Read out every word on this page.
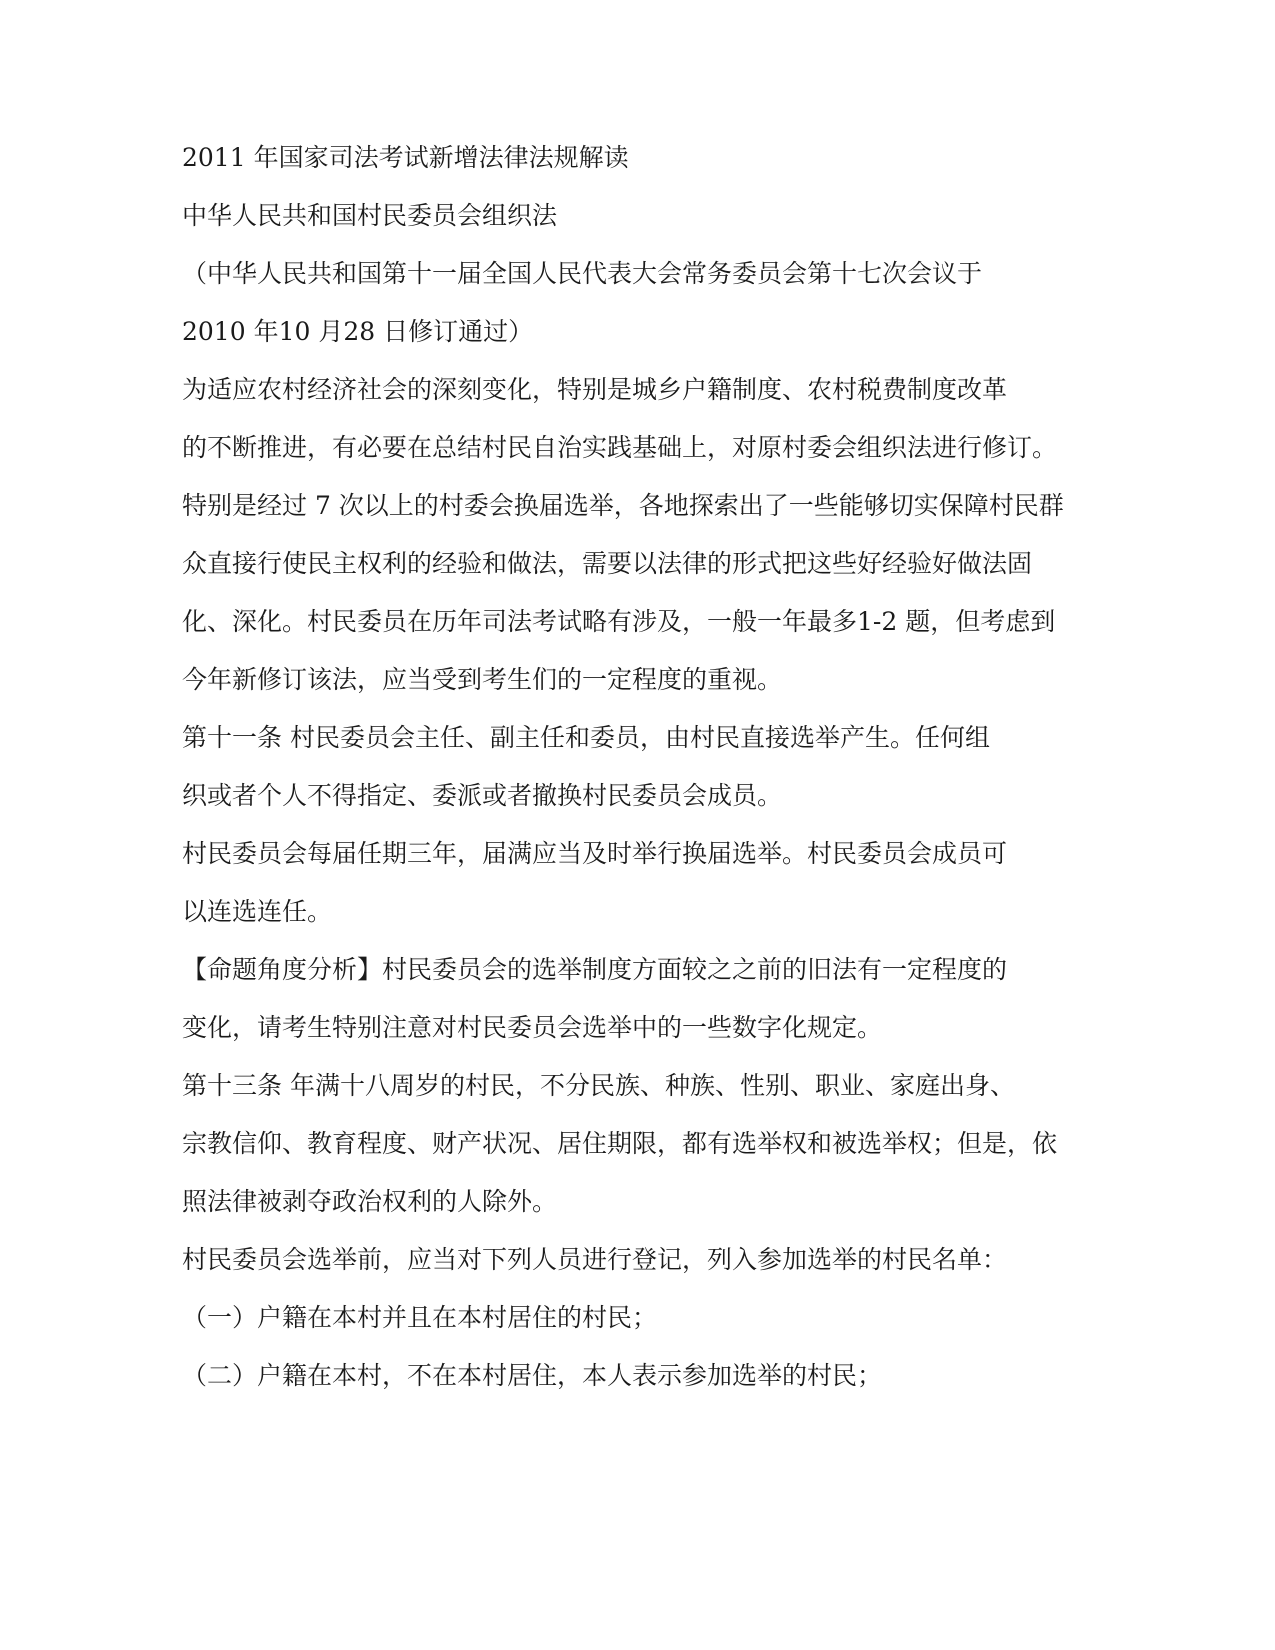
2011 年国家司法考试新增法律法规解读

中华人民共和国村民委员会组织法

（中华人民共和国第十一届全国人民代表大会常务委员会第十七次会议于

2010 年10 月28 日修订通过）

为适应农村经济社会的深刻变化，特别是城乡户籍制度、农村税费制度改革

的不断推进，有必要在总结村民自治实践基础上，对原村委会组织法进行修订。

特别是经过 7 次以上的村委会换届选举，各地探索出了一些能够切实保障村民群

众直接行使民主权利的经验和做法，需要以法律的形式把这些好经验好做法固

化、深化。村民委员在历年司法考试略有涉及，一般一年最多1-2 题，但考虑到

今年新修订该法，应当受到考生们的一定程度的重视。

第十一条 村民委员会主任、副主任和委员，由村民直接选举产生。任何组

织或者个人不得指定、委派或者撤换村民委员会成员。

村民委员会每届任期三年，届满应当及时举行换届选举。村民委员会成员可

以连选连任。

【命题角度分析】村民委员会的选举制度方面较之之前的旧法有一定程度的

变化，请考生特别注意对村民委员会选举中的一些数字化规定。

第十三条 年满十八周岁的村民，不分民族、种族、性别、职业、家庭出身、

宗教信仰、教育程度、财产状况、居住期限，都有选举权和被选举权；但是，依

照法律被剥夺政治权利的人除外。

村民委员会选举前，应当对下列人员进行登记，列入参加选举的村民名单：

（一）户籍在本村并且在本村居住的村民；

（二）户籍在本村，不在本村居住，本人表示参加选举的村民；
